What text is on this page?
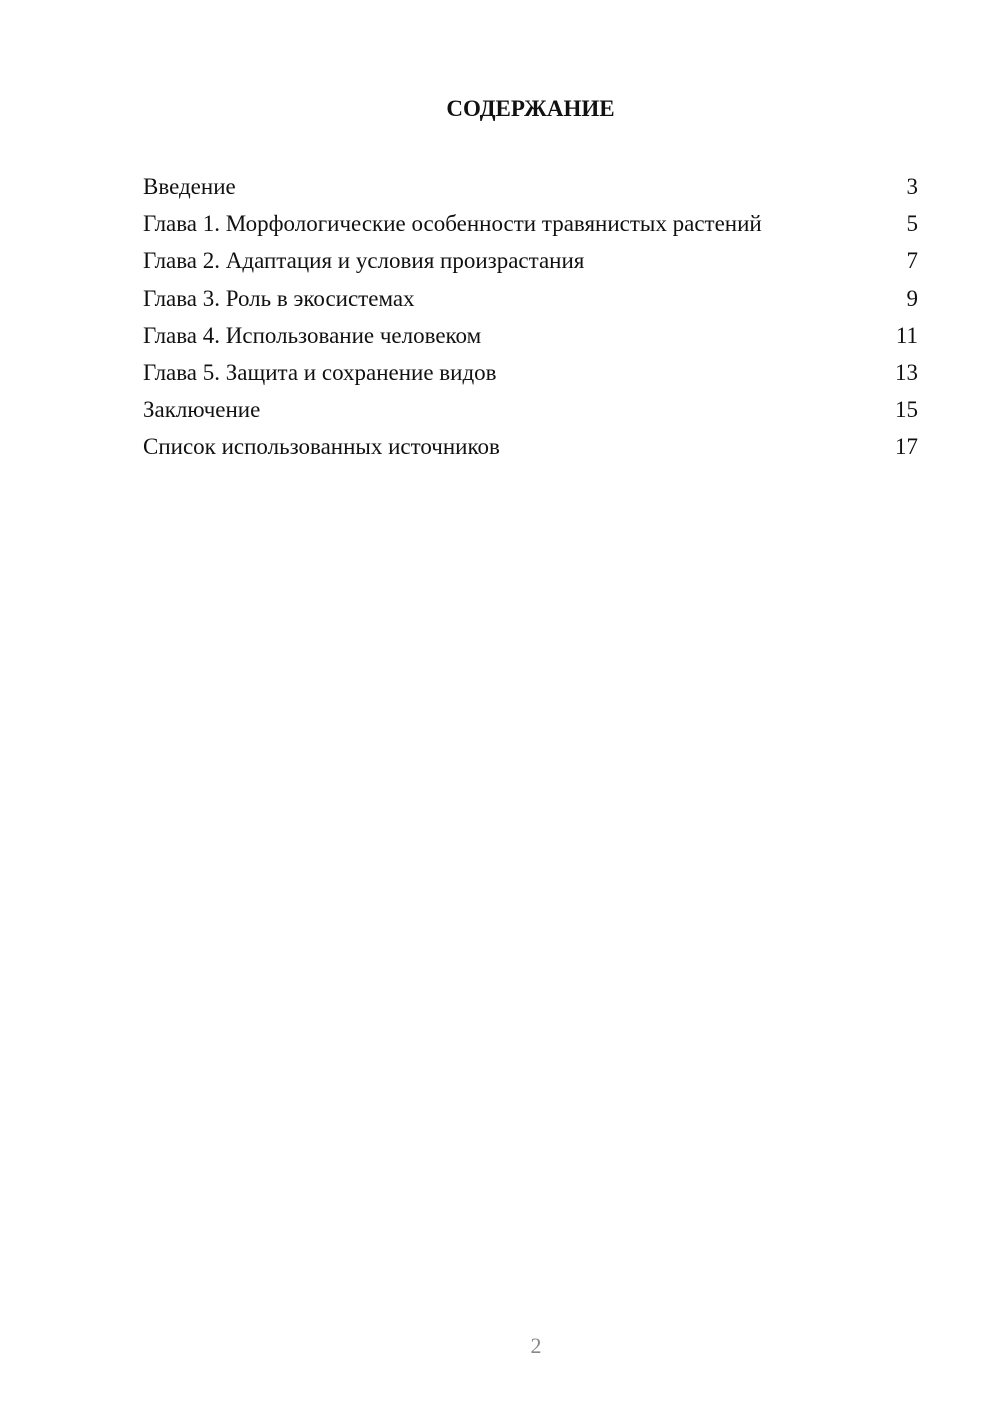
СОДЕРЖАНИЕ
Введение	3
Глава 1. Морфологические особенности травянистых растений	5
Глава 2. Адаптация и условия произрастания	7
Глава 3. Роль в экосистемах	9
Глава 4. Использование человеком	11
Глава 5. Защита и сохранение видов	13
Заключение	15
Список использованных источников	17
2
